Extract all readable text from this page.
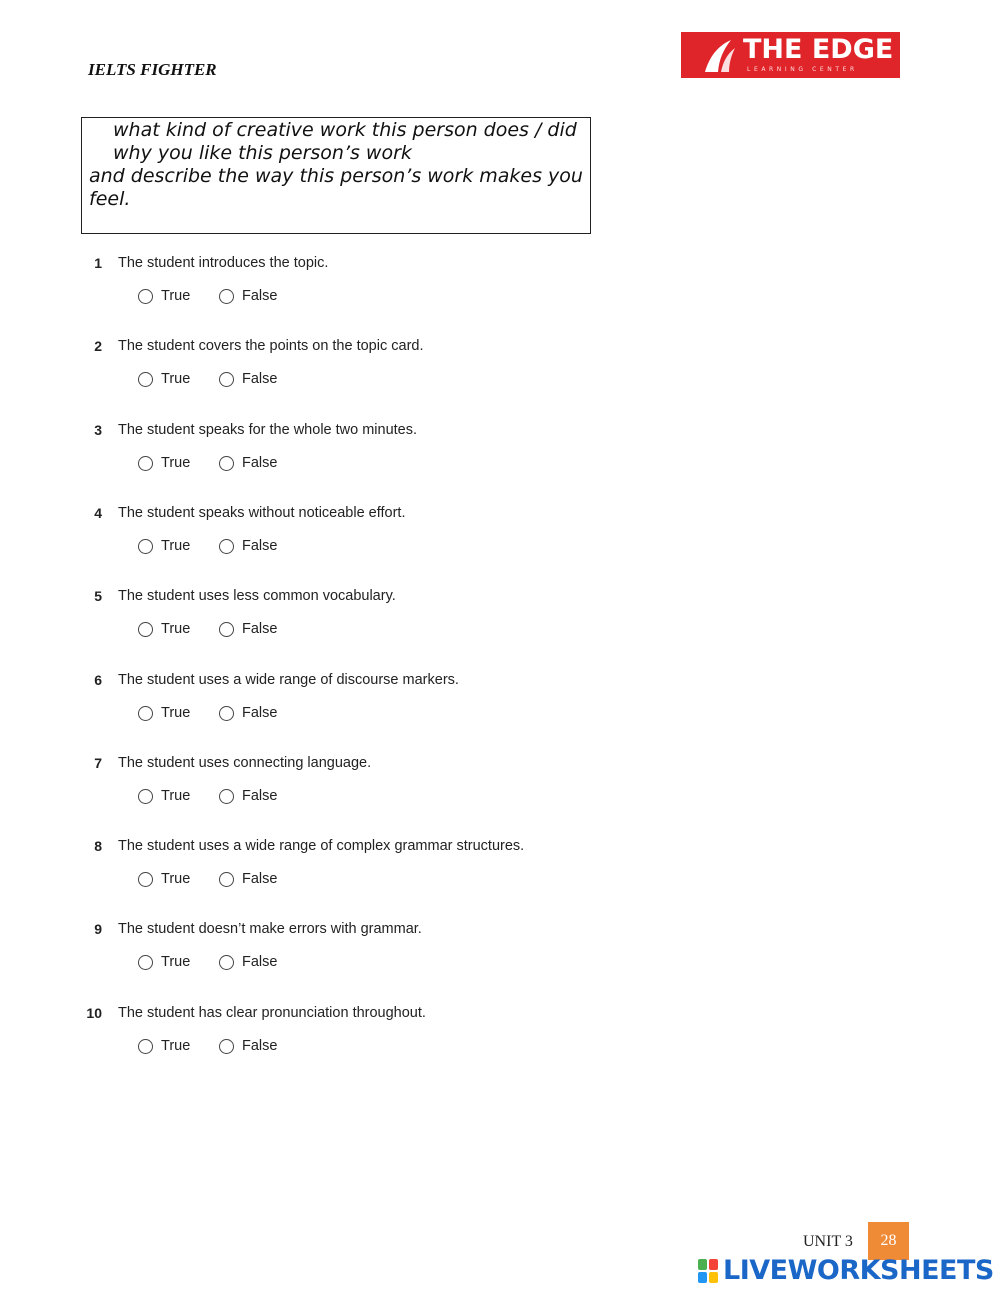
IELTS FIGHTER
THE EDGE
LEARNING CENTER
what kind of creative work this person does / did
why you like this person’s work
and describe the way this person’s work makes you feel.
1 The student introduces the topic.
True	False
2 The student covers the points on the topic card.
True	False
3 The student speaks for the whole two minutes.
True	False
4 The student speaks without noticeable effort.
True	False
5 The student uses less common vocabulary.
True	False
6 The student uses a wide range of discourse markers.
True	False
7 The student uses connecting language.
True	False
8 The student uses a wide range of complex grammar structures.
True	False
9 The student doesn’t make errors with grammar.
True	False
10 The student has clear pronunciation throughout.
True	False
UNIT 3	28
LIVEWORKSHEETS
